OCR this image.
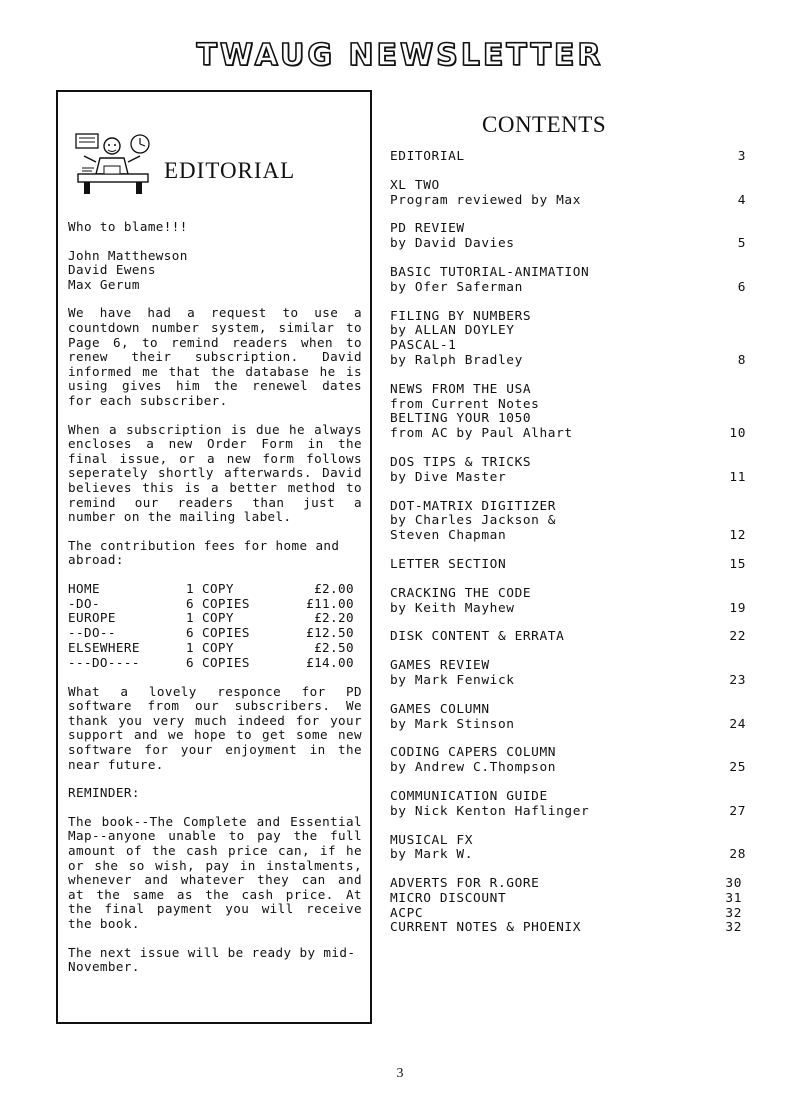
TWAUG NEWSLETTER
EDITORIAL

Who to blame!!!

John Matthewson
David Ewens
Max Gerum

We have had a request to use a countdown number system, similar to Page 6, to remind readers when to renew their subscription. David informed me that the database he is using gives him the renewel dates for each subscriber.

When a subscription is due he always encloses a new Order Form in the final issue, or a new form follows seperately shortly afterwards. David believes this is a better method to remind our readers than just a number on the mailing label.

The contribution fees for home and abroad:

HOME	1 COPY	£2.00
-DO-	6 COPIES	£11.00
EUROPE	1 COPY	£2.20
--DO--	6 COPIES	£12.50
ELSEWHERE	1 COPY	£2.50
---DO----	6 COPIES	£14.00

What a lovely responce for PD software from our subscribers. We thank you very much indeed for your support and we hope to get some new software for your enjoyment in the near future.

REMINDER:

The book--The Complete and Essential Map--anyone unable to pay the full amount of the cash price can, if he or she so wish, pay in instalments, whenever and whatever they can and at the same as the cash price. At the final payment you will receive the book.

The next issue will be ready by mid-November.

CONTENTS
EDITORIAL	3
XL TWO
Program reviewed by Max	4
PD REVIEW
by David Davies	5
BASIC TUTORIAL-ANIMATION
by Ofer Saferman	6
FILING BY NUMBERS
by ALLAN DOYLEY
PASCAL-1
by Ralph Bradley	8
NEWS FROM THE USA
from Current Notes
BELTING YOUR 1050
from AC by Paul Alhart	10
DOS TIPS & TRICKS
by Dive Master	11
DOT-MATRIX DIGITIZER
by Charles Jackson &
Steven Chapman	12
LETTER SECTION	15
CRACKING THE CODE
by Keith Mayhew	19
DISK CONTENT & ERRATA	22
GAMES REVIEW
by Mark Fenwick	23
GAMES COLUMN
by Mark Stinson	24
CODING CAPERS COLUMN
by Andrew C.Thompson	25
COMMUNICATION GUIDE
by Nick Kenton Haflinger	27
MUSICAL FX
by Mark W.	28
ADVERTS FOR R.GORE	30
MICRO DISCOUNT	31
ACPC	32
CURRENT NOTES & PHOENIX	32
3
